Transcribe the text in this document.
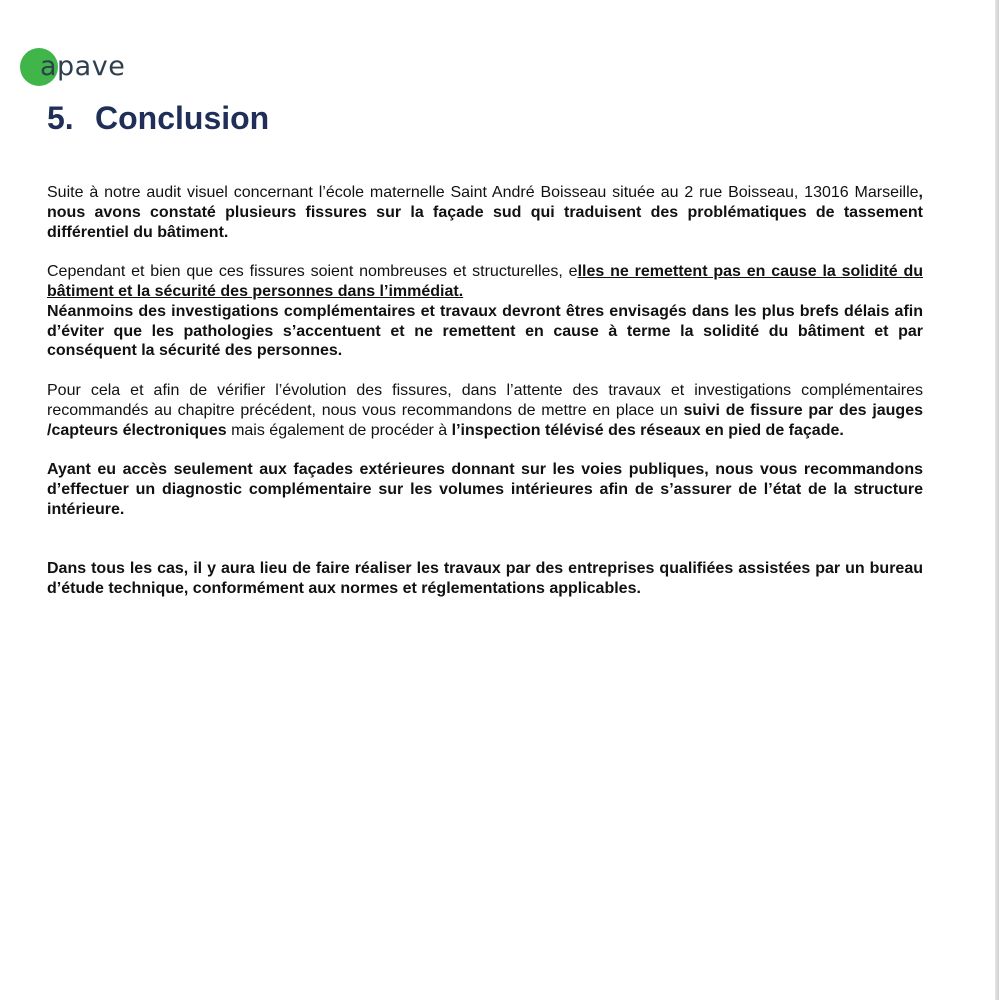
apave
5. Conclusion

Suite à notre audit visuel concernant l’école maternelle Saint André Boisseau située au 2 rue Boisseau, 13016 Marseille, nous avons constaté plusieurs fissures sur la façade sud qui traduisent des problématiques de tassement différentiel du bâtiment.

Cependant et bien que ces fissures soient nombreuses et structurelles, elles ne remettent pas en cause la solidité du bâtiment et la sécurité des personnes dans l’immédiat.

Néanmoins des investigations complémentaires et travaux devront êtres envisagés dans les plus brefs délais afin d’éviter que les pathologies s’accentuent et ne remettent en cause à terme la solidité du bâtiment et par conséquent la sécurité des personnes.

Pour cela et afin de vérifier l’évolution des fissures, dans l’attente des travaux et investigations complémentaires recommandés au chapitre précédent, nous vous recommandons de mettre en place un suivi de fissure par des jauges /capteurs électroniques mais également de procéder à l’inspection télévisé des réseaux en pied de façade.

Ayant eu accès seulement aux façades extérieures donnant sur les voies publiques, nous vous recommandons d’effectuer un diagnostic complémentaire sur les volumes intérieures afin de s’assurer de l’état de la structure intérieure.

Dans tous les cas, il y aura lieu de faire réaliser les travaux par des entreprises qualifiées assistées par un bureau d’étude technique, conformément aux normes et réglementations applicables.
